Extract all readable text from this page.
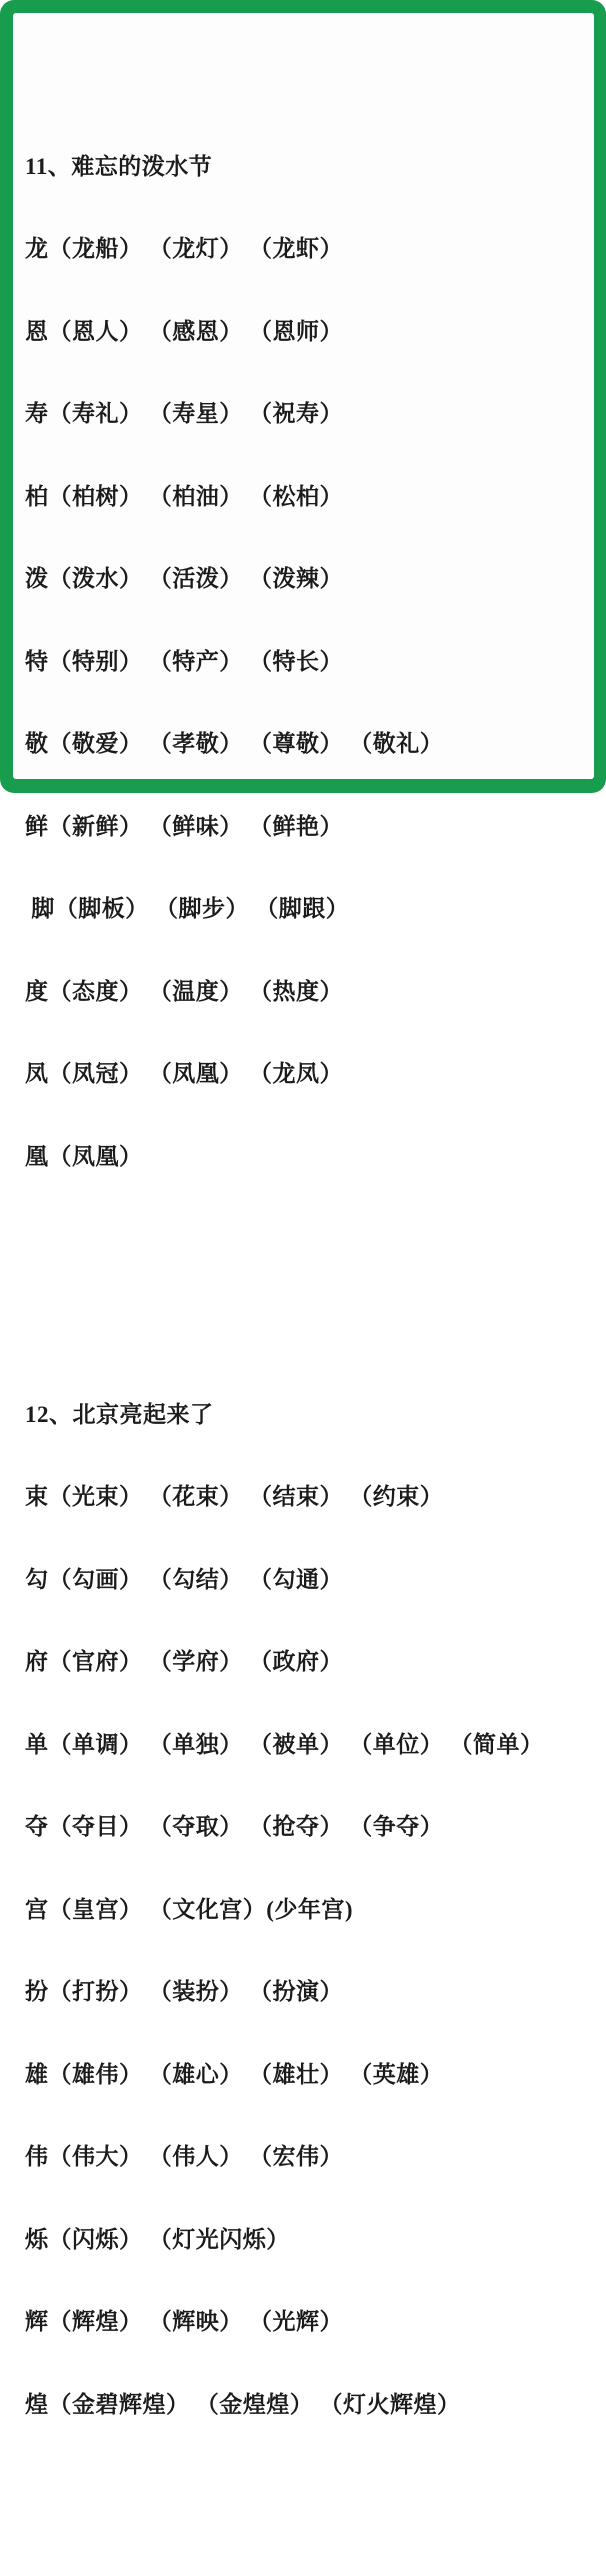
11、难忘的泼水节

龙（龙船） （龙灯） （龙虾）

恩（恩人） （感恩） （恩师）

寿（寿礼） （寿星） （祝寿）

柏（柏树） （柏油） （松柏）

泼（泼水） （活泼） （泼辣）

特（特别） （特产） （特长）

敬（敬爱） （孝敬） （尊敬） （敬礼）

鲜（新鲜） （鲜味） （鲜艳）

脚（脚板） （脚步） （脚跟）

度（态度） （温度） （热度）

凤（凤冠） （凤凰） （龙凤）

凰（凤凰）

12、北京亮起来了

束（光束） （花束） （结束） （约束）

勾（勾画） （勾结） （勾通）

府（官府） （学府） （政府）

单（单调） （单独） （被单） （单位） （简单）

夺（夺目） （夺取） （抢夺） （争夺）

宫（皇宫） （文化宫）(少年宫)

扮（打扮） （装扮） （扮演）

雄（雄伟） （雄心） （雄壮） （英雄）

伟（伟大） （伟人） （宏伟）

烁（闪烁） （灯光闪烁）

辉（辉煌） （辉映） （光辉）

煌（金碧辉煌） （金煌煌） （灯火辉煌）
